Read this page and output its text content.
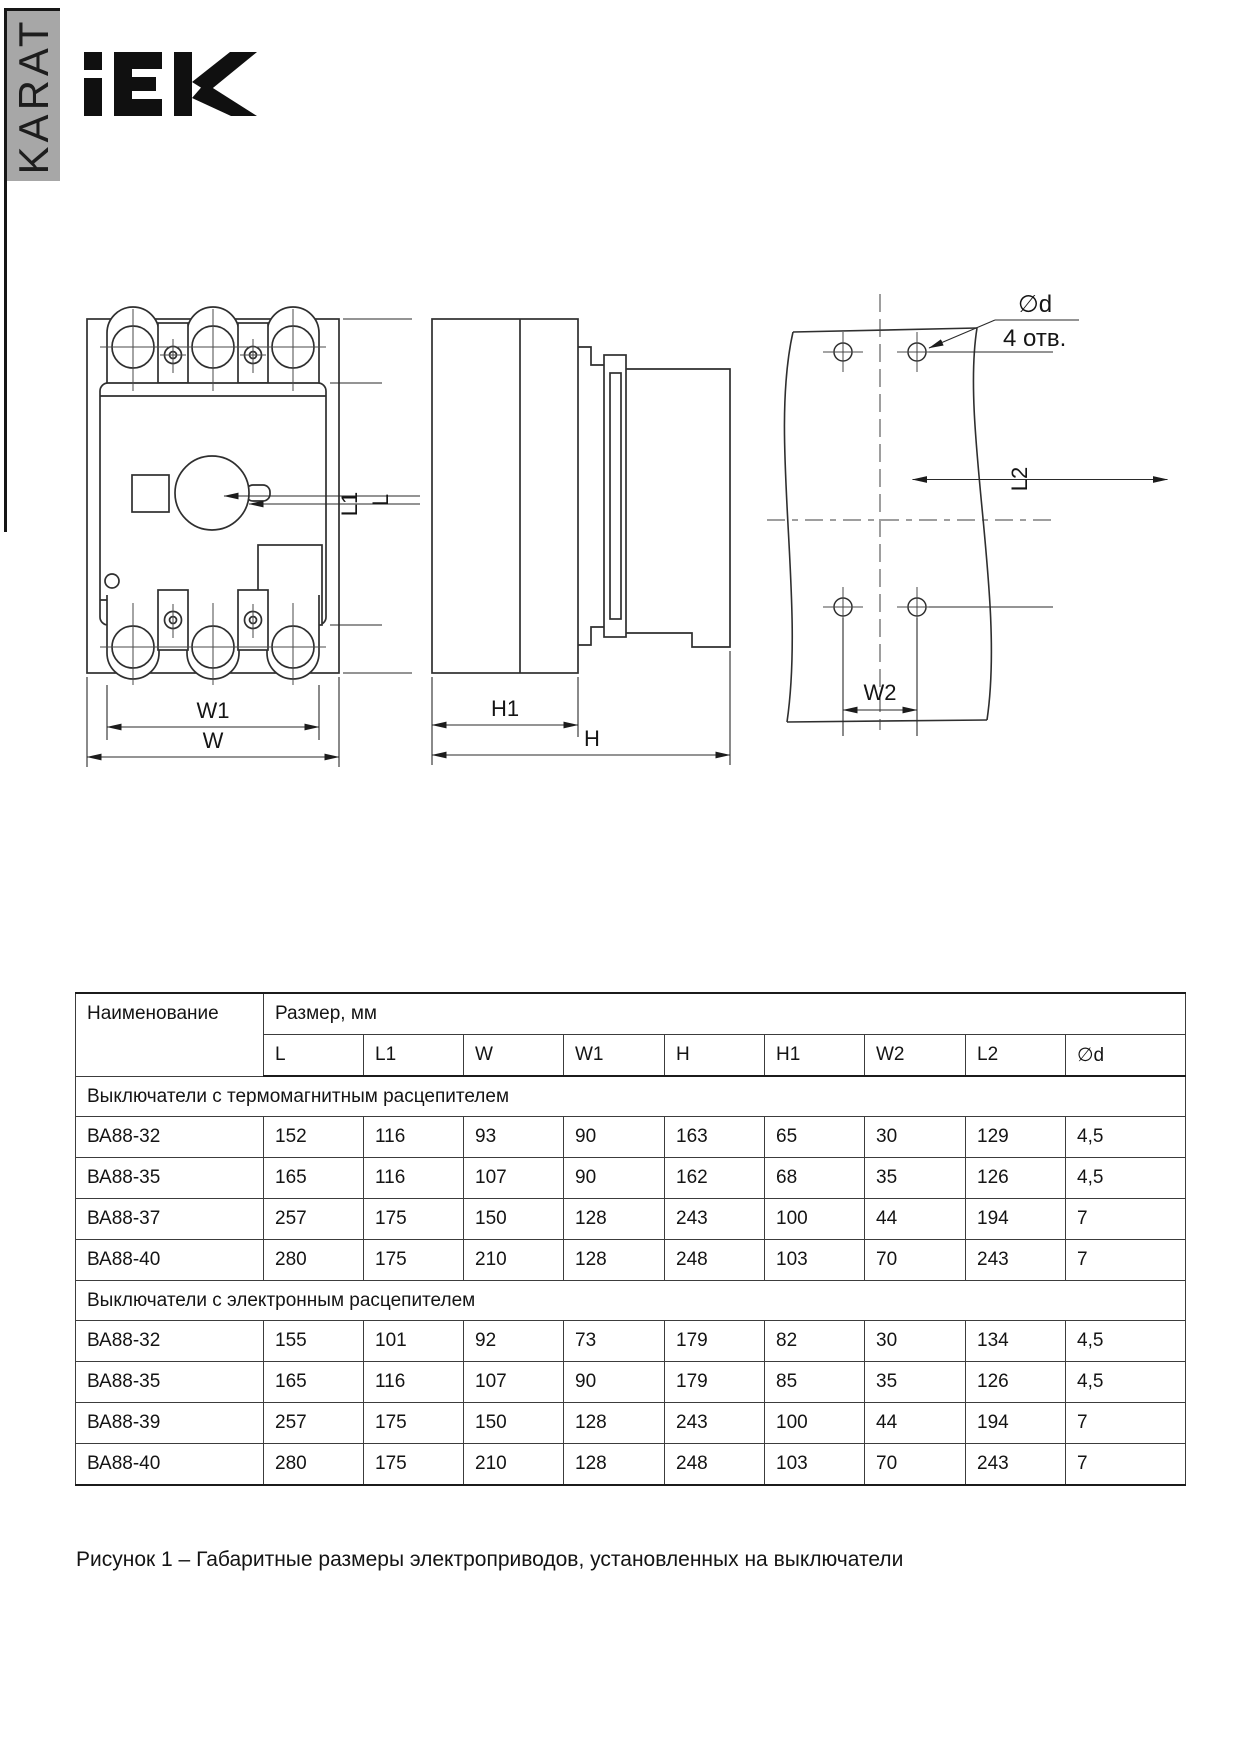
KARAT
L1 L
W1
W
H1
H
∅d
4 отв.
L2
W2
Наименование	Размер, мм								
	L	L1	W	W1	H	H1	W2	L2	∅d
Выключатели с термомагнитным расцепителем									
ВА88-32	152	116	93	90	163	65	30	129	4,5
ВА88-35	165	116	107	90	162	68	35	126	4,5
ВА88-37	257	175	150	128	243	100	44	194	7
ВА88-40	280	175	210	128	248	103	70	243	7
Выключатели с электронным расцепителем									
ВА88-32	155	101	92	73	179	82	30	134	4,5
ВА88-35	165	116	107	90	179	85	35	126	4,5
ВА88-39	257	175	150	128	243	100	44	194	7
ВА88-40	280	175	210	128	248	103	70	243	7
Рисунок 1 – Габаритные размеры электроприводов, установленных на выключатели
